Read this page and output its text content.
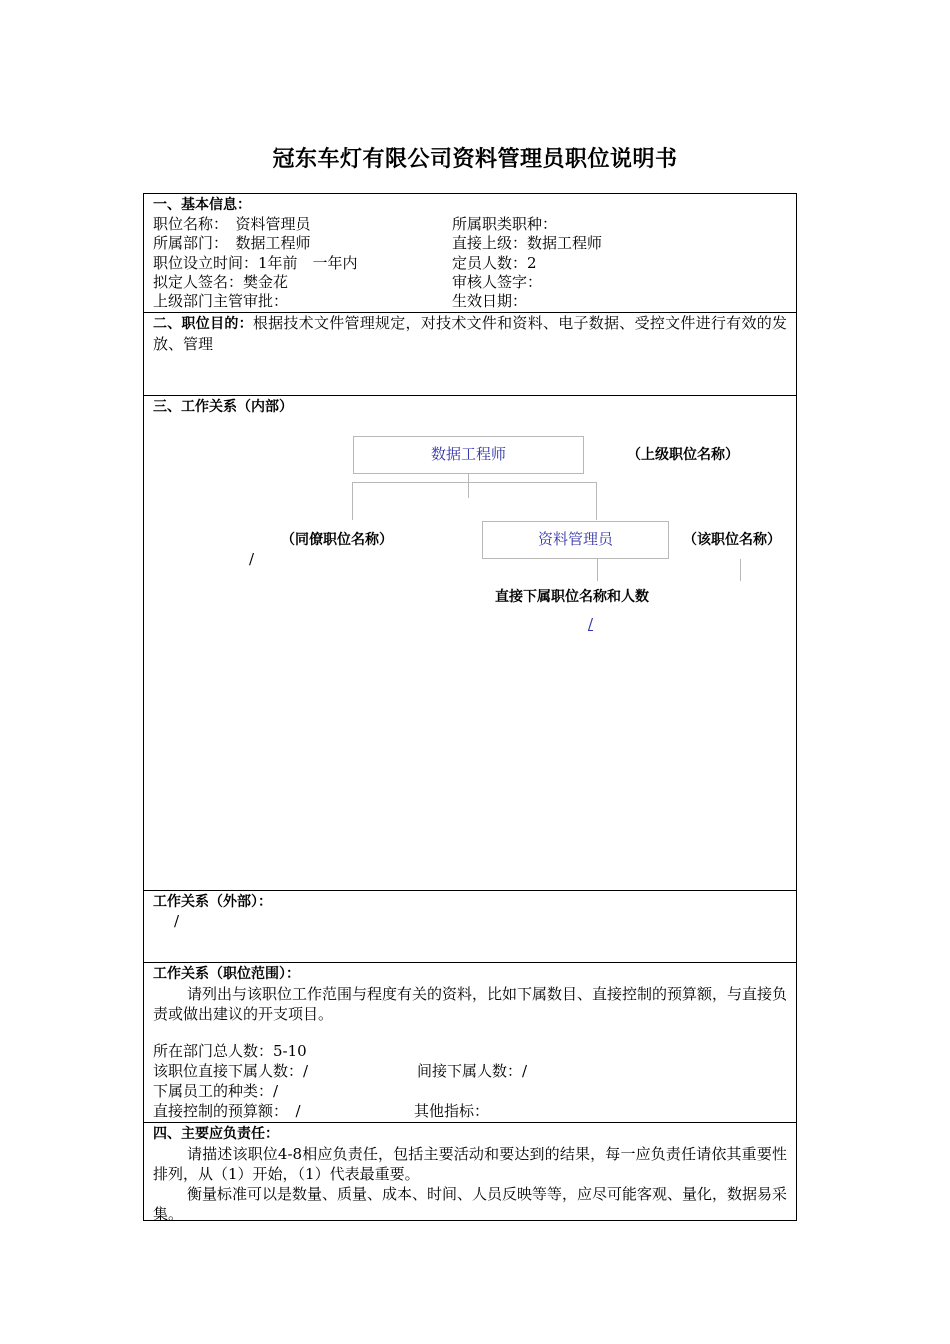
冠东车灯有限公司资料管理员职位说明书
一、基本信息：
职位名称：　资料管理员	所属职类职种：
所属部门：　数据工程师	直接上级：数据工程师
职位设立时间：1年前　一年内	定员人数：2
拟定人签名：樊金花	审核人签字：
上级部门主管审批：	生效日期：
二、职位目的：根据技术文件管理规定，对技术文件和资料、电子数据、受控文件进行有效的发放、管理
三、工作关系（内部）
数据工程师	（上级职位名称）
（同僚职位名称）
/
资料管理员	（该职位名称）
直接下属职位名称和人数
/
工作关系（外部）：
/
工作关系（职位范围）：
请列出与该职位工作范围与程度有关的资料，比如下属数目、直接控制的预算额，与直接负责或做出建议的开支项目。
所在部门总人数：5-10
该职位直接下属人数：/	间接下属人数：/
下属员工的种类：/
直接控制的预算额：　/	其他指标：
四、主要应负责任：
请描述该职位4-8相应负责任，包括主要活动和要达到的结果，每一应负责任请依其重要性排列，从（1）开始，（1）代表最重要。
衡量标准可以是数量、质量、成本、时间、人员反映等等，应尽可能客观、量化，数据易采集。
